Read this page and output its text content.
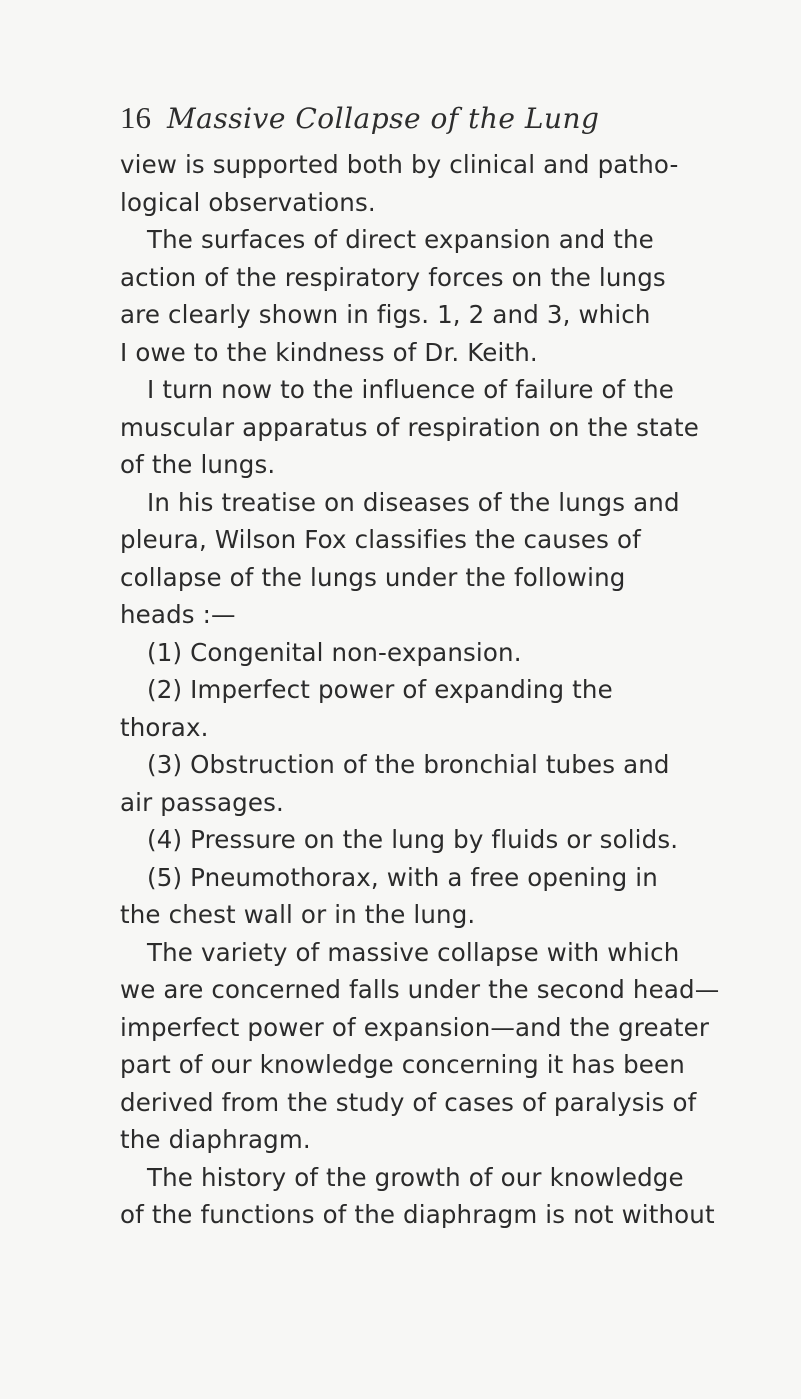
16 Massive Collapse of the Lung
view is supported both by clinical and patho-
logical observations.
The surfaces of direct expansion and the
action of the respiratory forces on the lungs
are clearly shown in figs. 1, 2 and 3, which
I owe to the kindness of Dr. Keith.
I turn now to the influence of failure of the
muscular apparatus of respiration on the state
of the lungs.
In his treatise on diseases of the lungs and
pleura, Wilson Fox classifies the causes of
collapse of the lungs under the following
heads :—
(1) Congenital non-expansion.
(2) Imperfect power of expanding the
thorax.
(3) Obstruction of the bronchial tubes and
air passages.
(4) Pressure on the lung by fluids or solids.
(5) Pneumothorax, with a free opening in
the chest wall or in the lung.
The variety of massive collapse with which
we are concerned falls under the second head—
imperfect power of expansion—and the greater
part of our knowledge concerning it has been
derived from the study of cases of paralysis of
the diaphragm.
The history of the growth of our knowledge
of the functions of the diaphragm is not without
